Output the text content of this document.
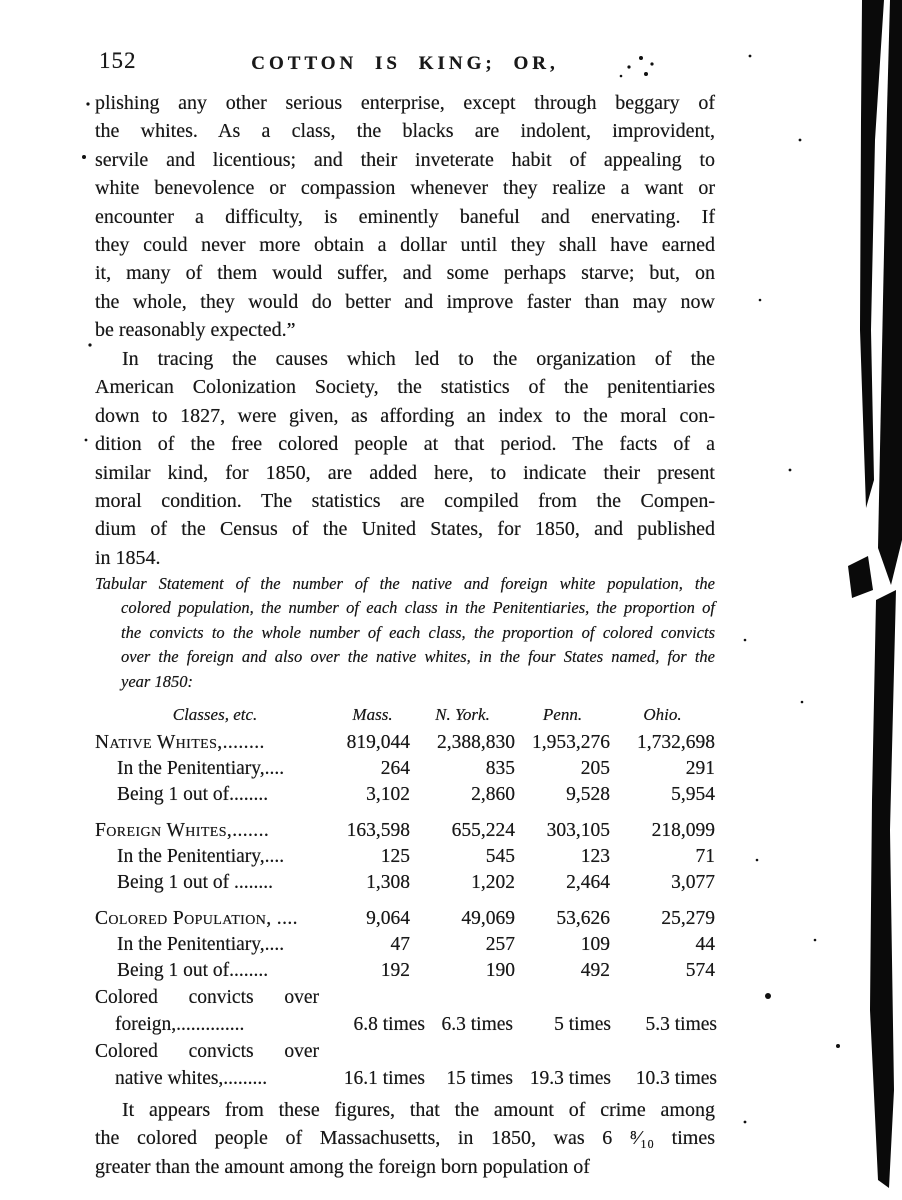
152	COTTON IS KING; OR,
plishing any other serious enterprise, except through beggary of
the whites. As a class, the blacks are indolent, improvident,
servile and licentious; and their inveterate habit of appealing to
white benevolence or compassion whenever they realize a want or
encounter a difficulty, is eminently baneful and enervating. If
they could never more obtain a dollar until they shall have earned
it, many of them would suffer, and some perhaps starve; but, on
the whole, they would do better and improve faster than may now
be reasonably expected.”
In tracing the causes which led to the organization of the
American Colonization Society, the statistics of the penitentiaries
down to 1827, were given, as affording an index to the moral con-
dition of the free colored people at that period. The facts of a
similar kind, for 1850, are added here, to indicate their present
moral condition. The statistics are compiled from the Compen-
dium of the Census of the United States, for 1850, and published
in 1854.
Tabular Statement of the number of the native and foreign white population, the
colored population, the number of each class in the Penitentiaries, the proportion of
the convicts to the whole number of each class, the proportion of colored convicts
over the foreign and also over the native whites, in the four States named, for the
year 1850:
Classes, etc.	Mass.	N. York.	Penn.	Ohio.
Native Whites,........	819,044	2,388,830 1,953,276	1,732,698
In the Penitentiary,....	264	835	205	291
Being 1 out of........	3,102	2,860	9,528	5,954
Foreign Whites,.......	163,598	655,224	303,105	218,099
In the Penitentiary,....	125	545	123	71
Being 1 out of ........	1,308	1,202	2,464	3,077
Colored Population, ....	9,064	49,069	53,626	25,279
In the Penitentiary,....	47	257	109	44
Being 1 out of........	192	190	492	574
Colored convicts over
foreign,..............	6.8 times 6.3 times	5 times	5.3 times
Colored convicts over
native whites,.........	16.1 times	15 times 19.3 times	10.3 times
It appears from these figures, that the amount of crime among
the colored people of Massachusetts, in 1850, was 6 ⁸⁄₁₀ times
greater than the amount among the foreign born population of
